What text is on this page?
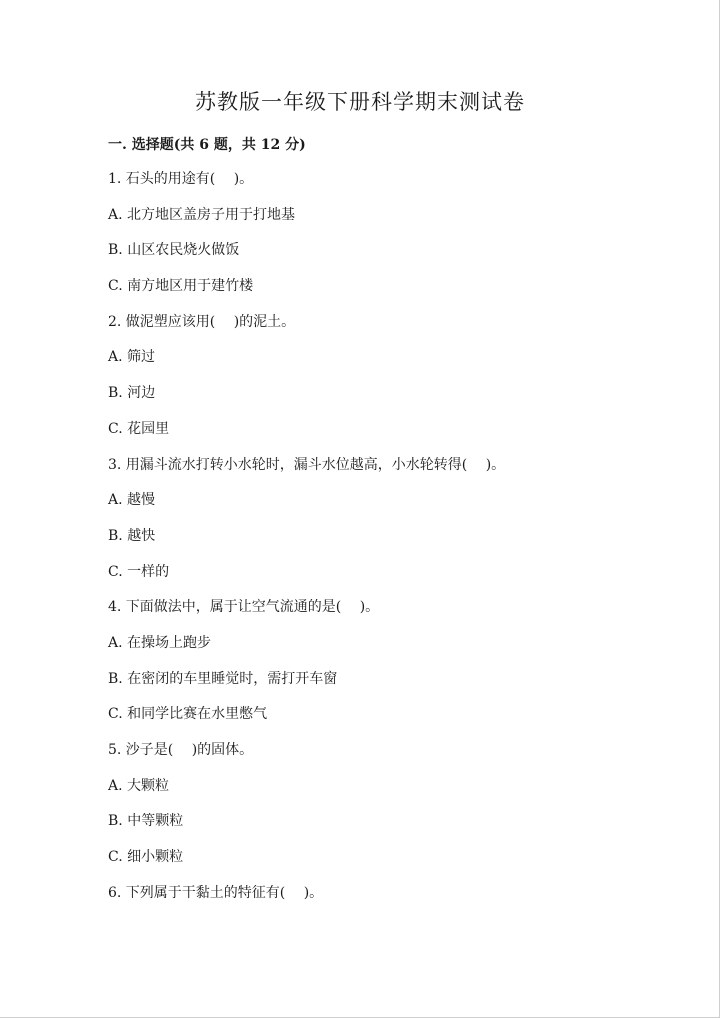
苏教版一年级下册科学期末测试卷
一. 选择题(共 6 题，共 12 分)
1. 石头的用途有(　 )。
A. 北方地区盖房子用于打地基
B. 山区农民烧火做饭
C. 南方地区用于建竹楼
2. 做泥塑应该用(　 )的泥土。
A. 筛过
B. 河边
C. 花园里
3. 用漏斗流水打转小水轮时，漏斗水位越高，小水轮转得(　 )。
A. 越慢
B. 越快
C. 一样的
4. 下面做法中，属于让空气流通的是(　 )。
A. 在操场上跑步
B. 在密闭的车里睡觉时，需打开车窗
C. 和同学比赛在水里憋气
5. 沙子是(　 )的固体。
A. 大颗粒
B. 中等颗粒
C. 细小颗粒
6. 下列属于干黏土的特征有(　 )。
